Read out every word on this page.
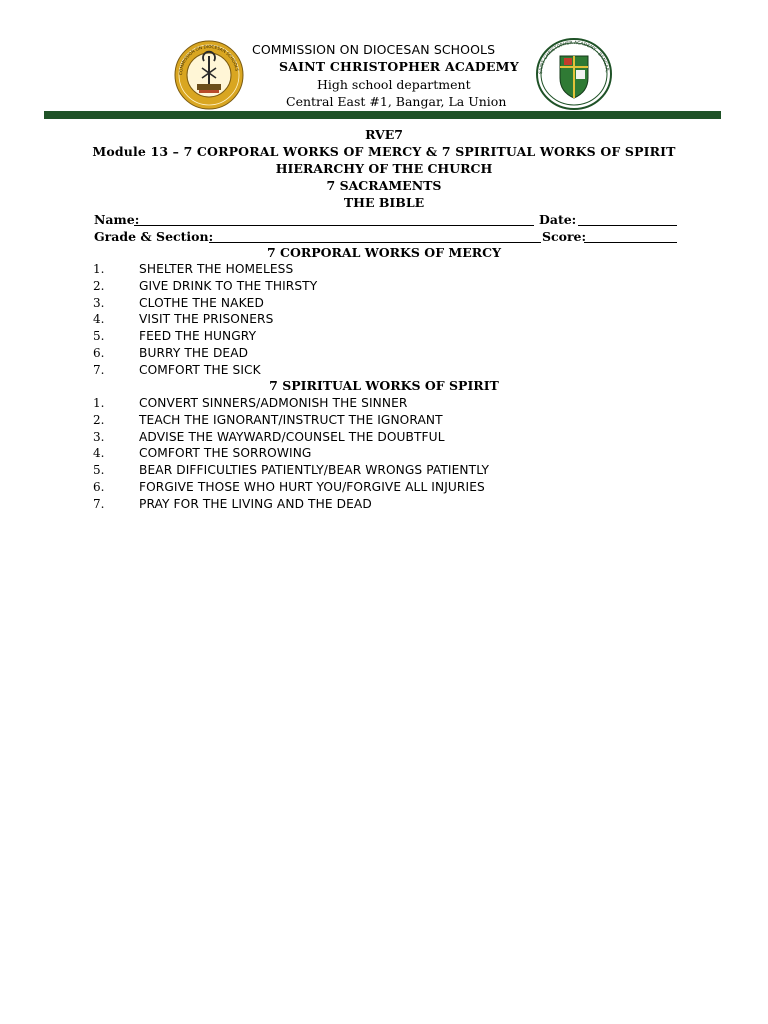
COMMISSION ON DIOCESAN SCHOOLS
SAINT CHRISTOPHER ACADEMY · BANGAR,
COMMISSION ON DIOCESAN SCHOOLS
SAINT CHRISTOPHER ACADEMY
High school department
Central East #1, Bangar, La Union
RVE7
Module 13 – 7 CORPORAL WORKS OF MERCY & 7 SPIRITUAL WORKS OF SPIRIT
HIERARCHY OF THE CHURCH
7 SACRAMENTS
THE BIBLE
Name:	Date:
Grade & Section:	Score:
7 CORPORAL WORKS OF MERCY
1.	SHELTER THE HOMELESS
2.	GIVE DRINK TO THE THIRSTY
3.	CLOTHE THE NAKED
4.	VISIT THE PRISONERS
5.	FEED THE HUNGRY
6.	BURRY THE DEAD
7.	COMFORT THE SICK
7 SPIRITUAL WORKS OF SPIRIT
1.	CONVERT SINNERS/ADMONISH THE SINNER
2.	TEACH THE IGNORANT/INSTRUCT THE IGNORANT
3.	ADVISE THE WAYWARD/COUNSEL THE DOUBTFUL
4.	COMFORT THE SORROWING
5.	BEAR DIFFICULTIES PATIENTLY/BEAR WRONGS PATIENTLY
6.	FORGIVE THOSE WHO HURT YOU/FORGIVE ALL INJURIES
7.	PRAY FOR THE LIVING AND THE DEAD
